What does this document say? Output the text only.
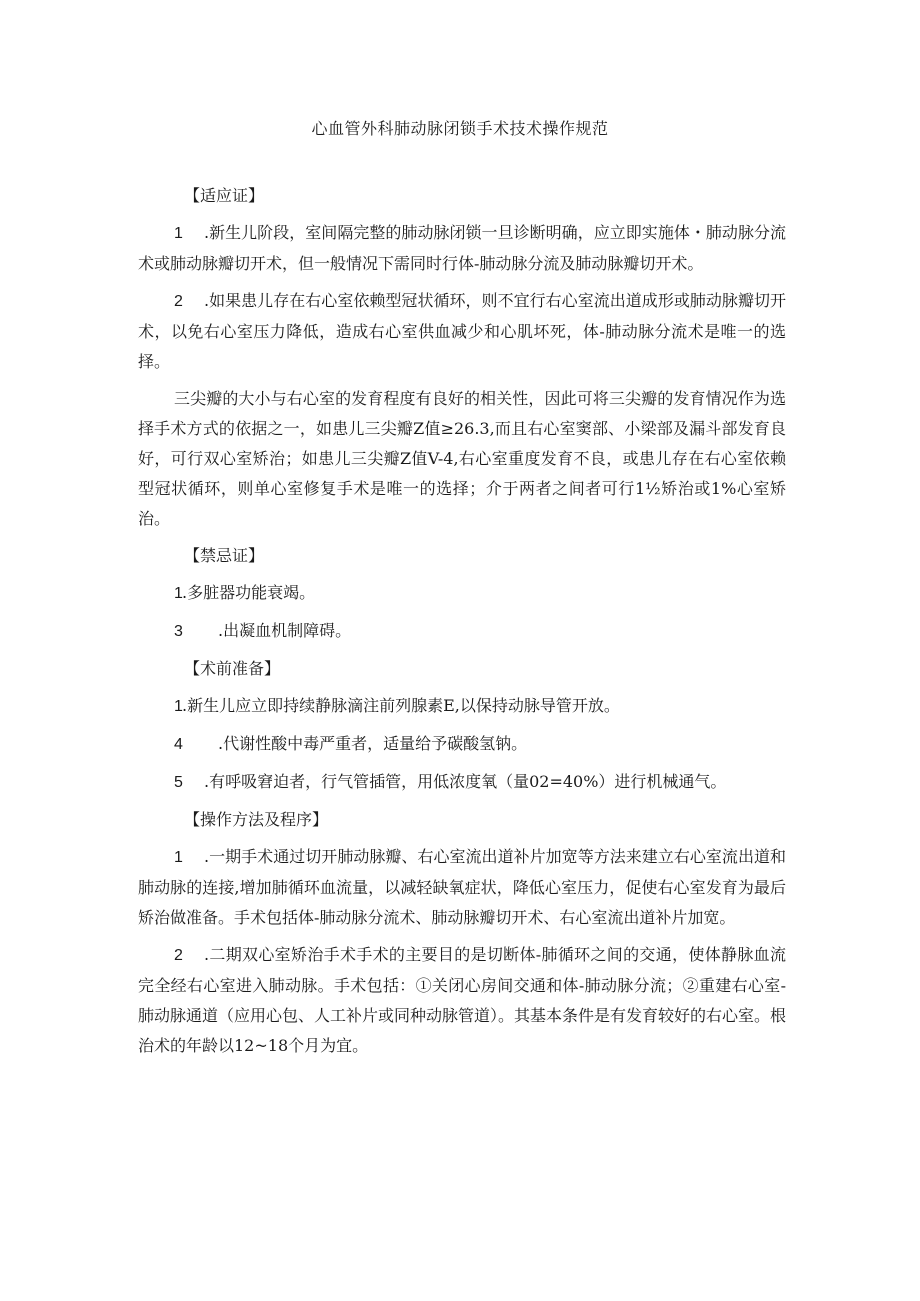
心血管外科肺动脉闭锁手术技术操作规范
【适应证】

1 .新生儿阶段，室间隔完整的肺动脉闭锁一旦诊断明确，应立即实施体・肺动脉分流术或肺动脉瓣切开术，但一般情况下需同时行体-肺动脉分流及肺动脉瓣切开术。

2 .如果患儿存在右心室依赖型冠状循环，则不宜行右心室流出道成形或肺动脉瓣切开术，以免右心室压力降低，造成右心室供血减少和心肌坏死，体-肺动脉分流术是唯一的选择。

三尖瓣的大小与右心室的发育程度有良好的相关性，因此可将三尖瓣的发育情况作为选择手术方式的依据之一，如患儿三尖瓣Z值≥26.3,而且右心室窦部、小梁部及漏斗部发育良好，可行双心室矫治；如患儿三尖瓣Z值V-4,右心室重度发育不良，或患儿存在右心室依赖型冠状循环，则单心室修复手术是唯一的选择；介于两者之间者可行1½矫治或1%心室矫治。

【禁忌证】

1.多脏器功能衰竭。

3 .出凝血机制障碍。

【术前准备】

1.新生儿应立即持续静脉滴注前列腺素E,以保持动脉导管开放。

4 .代谢性酸中毒严重者，适量给予碳酸氢钠。

5 .有呼吸窘迫者，行气管插管，用低浓度氧（量02=40%）进行机械通气。

【操作方法及程序】

1 .一期手术通过切开肺动脉瓣、右心室流出道补片加宽等方法来建立右心室流出道和肺动脉的连接,增加肺循环血流量，以减轻缺氧症状，降低心室压力，促使右心室发育为最后矫治做准备。手术包括体-肺动脉分流术、肺动脉瓣切开术、右心室流出道补片加宽。

2 .二期双心室矫治手术手术的主要目的是切断体-肺循环之间的交通，使体静脉血流完全经右心室进入肺动脉。手术包括：①关闭心房间交通和体-肺动脉分流；②重建右心室-肺动脉通道（应用心包、人工补片或同种动脉管道）。其基本条件是有发育较好的右心室。根治术的年龄以12~18个月为宜。
